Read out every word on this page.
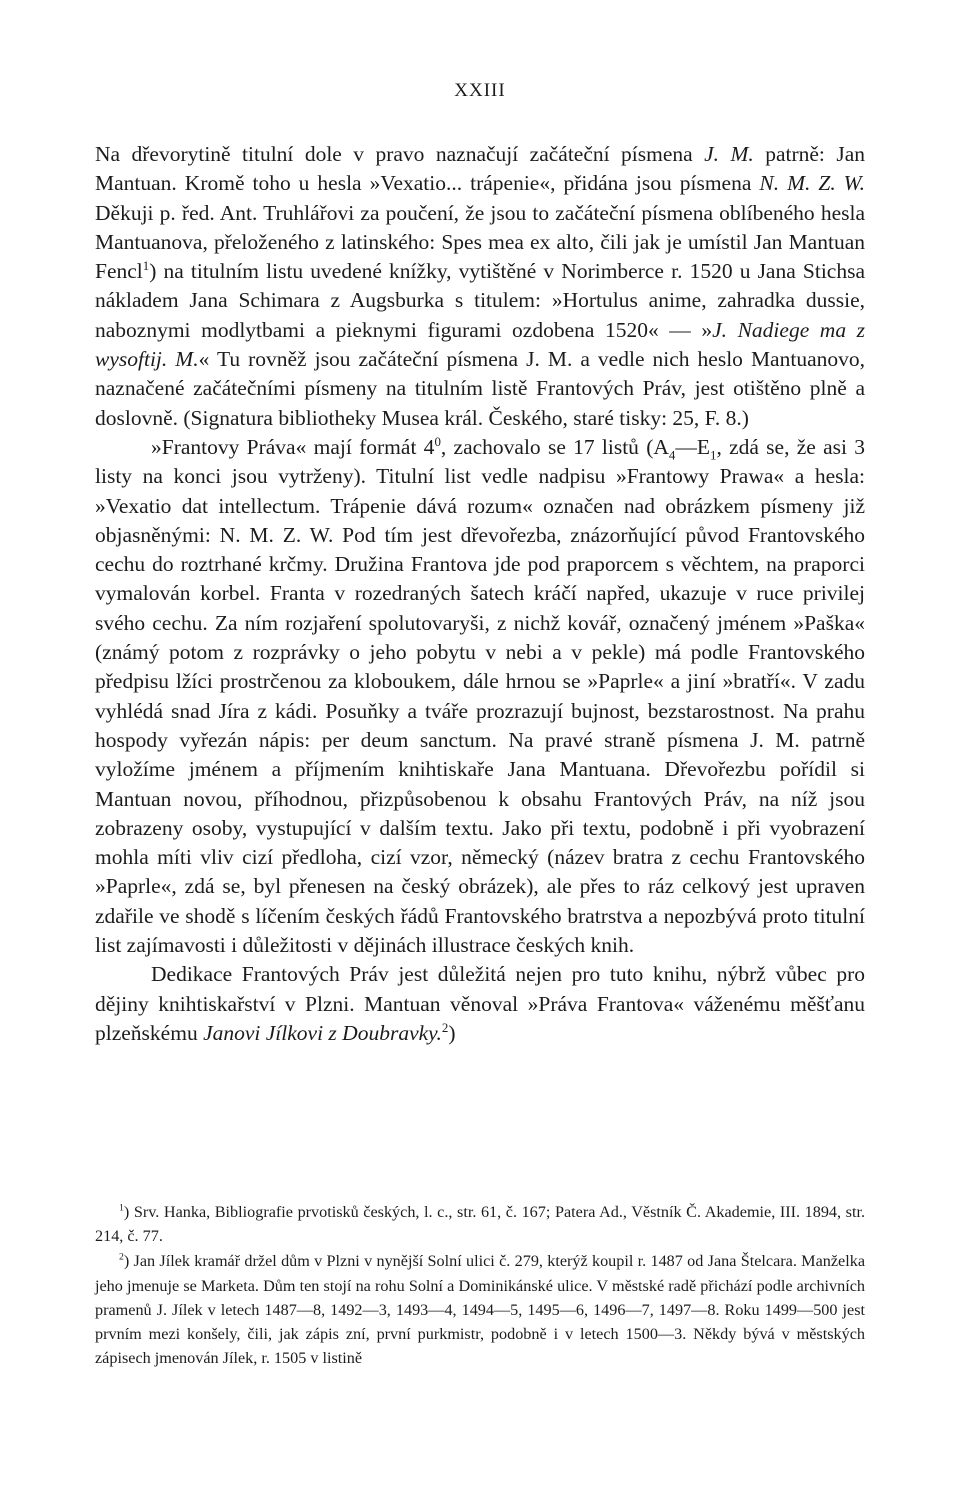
XXIII

Na dřevorytině titulní dole v pravo naznačují začáteční písmena J. M. patrně: Jan Mantuan. Kromě toho u hesla »Vexatio... trápenie«, přidána jsou písmena N. M. Z. W. Děkuji p. řed. Ant. Truhlářovi za poučení, že jsou to začáteční písmena oblíbeného hesla Mantuanova, přeloženého z latinského: Spes mea ex alto, čili jak je umístil Jan Mantuan Fencl$^1$) na titulním listu uvedené knížky, vytištěné v Norimberce r. 1520 u Jana Stichsa nákladem Jana Schimara z Augsburka s titulem: »Hortulus anime, zahradka dussie, naboznymi modlytbami a pieknymi figurami ozdobena 1520« — »J. Nadiege ma z wysoftij. M.« Tu rovněž jsou začáteční písmena J. M. a vedle nich heslo Mantuanovo, naznačené začátečními písmeny na titulním listě Frantových Práv, jest otištěno plně a doslovně. (Signatura bibliotheky Musea král. Českého, staré tisky: 25, F. 8.)

»Frantovy Práva« mají formát $4^0$, zachovalo se 17 listů ($A_4—E_1$, zdá se, že asi 3 listy na konci jsou vytrženy). Titulní list vedle nadpisu »Frantowy Prawa« a hesla: »Vexatio dat intellectum. Trápenie dává rozum« označen nad obrázkem písmeny již objasněnými: N. M. Z. W. Pod tím jest dřevořezba, znázorňující původ Frantovského cechu do roztrhané krčmy. Družina Frantova jde pod praporcem s věchtem, na praporci vymalován korbel. Franta v rozedraných šatech kráčí napřed, ukazuje v ruce privilej svého cechu. Za ním rozjaření spolutovaryši, z nichž kovář, označený jménem »Paška« (známý potom z rozprávky o jeho pobytu v nebi a v pekle) má podle Frantovského předpisu lžíci prostrčenou za kloboukem, dále hrnou se »Paprle« a jiní »bratří«. V zadu vyhlédá snad Jíra z kádi. Posuňky a tváře prozrazují bujnost, bezstarostnost. Na prahu hospody vyřezán nápis: per deum sanctum. Na pravé straně písmena J. M. patrně vyložíme jménem a příjmením knihtiskaře Jana Mantuana. Dřevořezbu pořídil si Mantuan novou, příhodnou, přizpůsobenou k obsahu Frantových Práv, na níž jsou zobrazeny osoby, vystupující v dalším textu. Jako při textu, podobně i při vyobrazení mohla míti vliv cizí předloha, cizí vzor, německý (název bratra z cechu Frantovského »Paprle«, zdá se, byl přenesen na český obrázek), ale přes to ráz celkový jest upraven zdařile ve shodě s líčením českých řádů Frantovského bratrstva a nepozbývá proto titulní list zajímavosti i důležitosti v dějinách illustrace českých knih.

Dedikace Frantových Práv jest důležitá nejen pro tuto knihu, nýbrž vůbec pro dějiny knihtiskařství v Plzni. Mantuan věnoval »Práva Frantova« váženému měšťanu plzeňskému Janovi Jílkovi z Doubravky.$^2$)

$^1$) Srv. Hanka, Bibliografie prvotisků českých, l. c., str. 61, č. 167; Patera Ad., Věstník Č. Akademie, III. 1894, str. 214, č. 77.

$^2$) Jan Jílek kramář držel dům v Plzni v nynější Solní ulici č. 279, kterýž koupil r. 1487 od Jana Štelcara. Manželka jeho jmenuje se Marketa. Dům ten stojí na rohu Solní a Dominikánské ulice. V městské radě přichází podle archivních pramenů J. Jílek v letech 1487—8, 1492—3, 1493—4, 1494—5, 1495—6, 1496—7, 1497—8. Roku 1499—500 jest prvním mezi konšely, čili, jak zápis zní, první purkmistr, podobně i v letech 1500—3. Někdy bývá v městských zápisech jmenován Jílek, r. 1505 v listině
